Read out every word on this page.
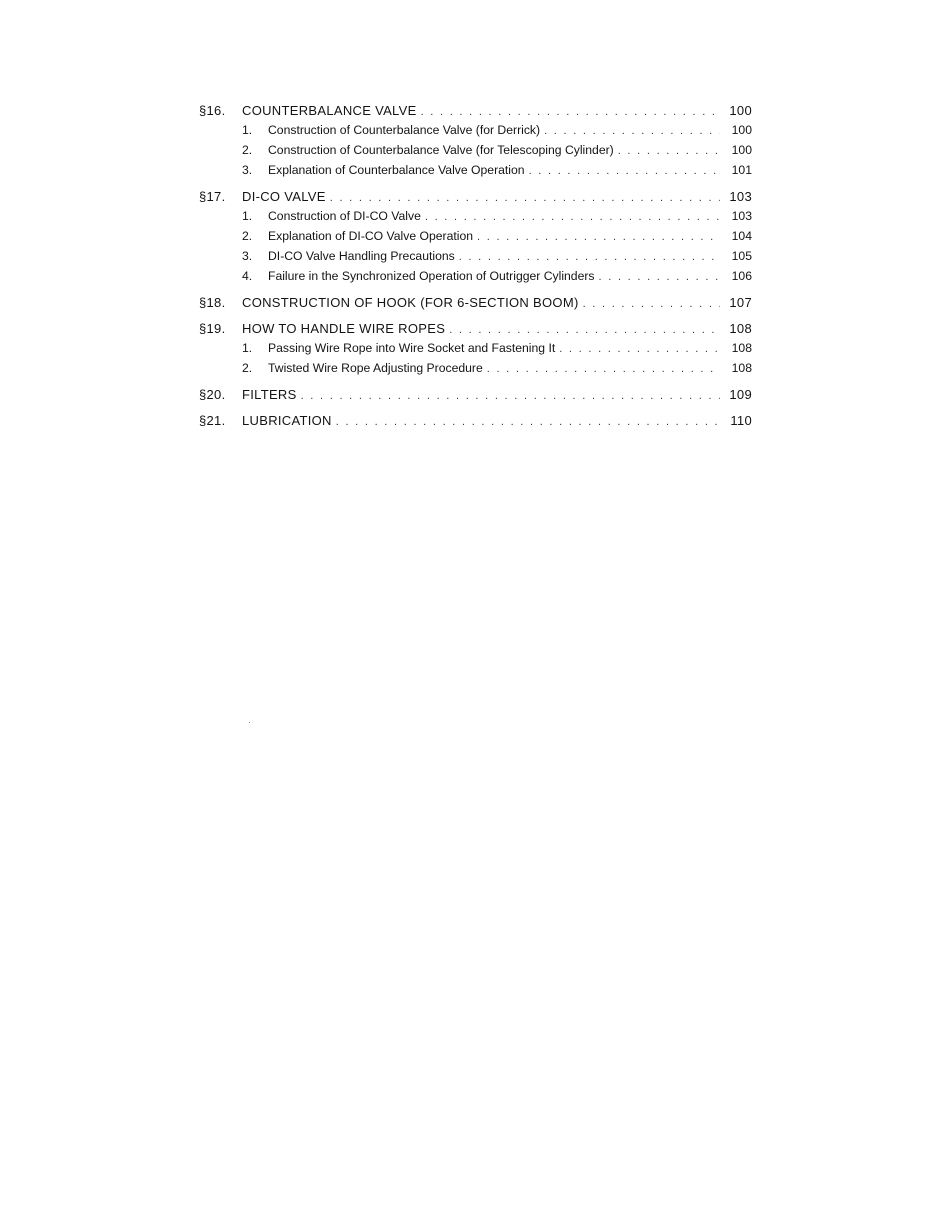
§16.	COUNTERBALANCE VALVE . . .	100
1.	Construction of Counterbalance Valve (for Derrick) . . .	100
2.	Construction of Counterbalance Valve (for Telescoping Cylinder) . . .	100
3.	Explanation of Counterbalance Valve Operation . . .	101
§17.	DI-CO VALVE . . .	103
1.	Construction of DI-CO Valve . . .	103
2.	Explanation of DI-CO Valve Operation . . .	104
3.	DI-CO Valve Handling Precautions . . .	105
4.	Failure in the Synchronized Operation of Outrigger Cylinders . . .	106
§18.	CONSTRUCTION OF HOOK (FOR 6-SECTION BOOM) . . .	107
§19.	HOW TO HANDLE WIRE ROPES . . .	108
1.	Passing Wire Rope into Wire Socket and Fastening It . . .	108
2.	Twisted Wire Rope Adjusting Procedure . . .	108
§20.	FILTERS . . .	109
§21.	LUBRICATION . . .	110
